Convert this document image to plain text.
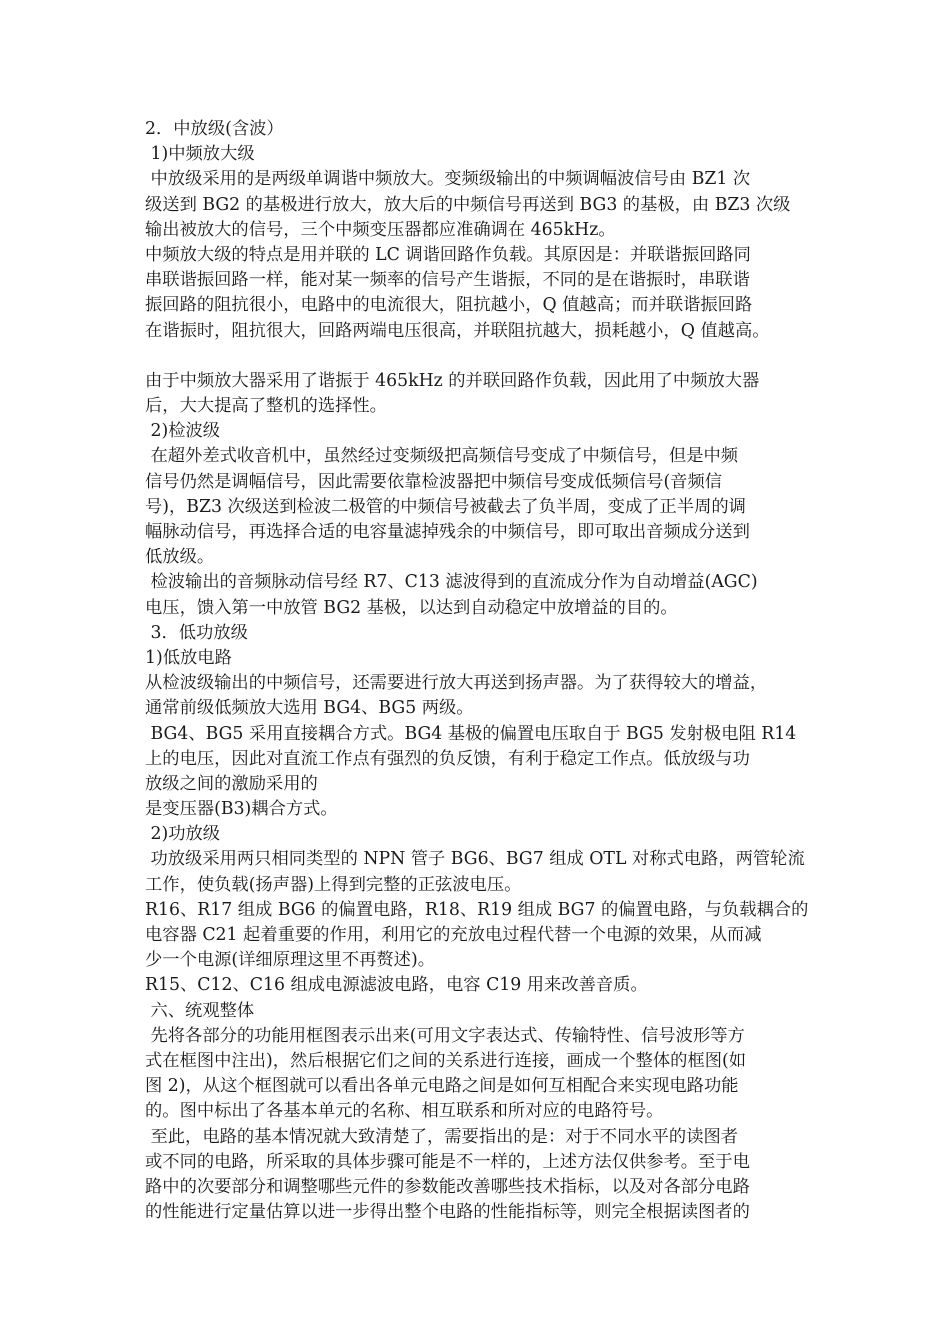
2．中放级(含波）
1)中频放大级
中放级采用的是两级单调谐中频放大。变频级输出的中频调幅波信号由 BZ1 次
级送到 BG2 的基极进行放大，放大后的中频信号再送到 BG3 的基极，由 BZ3 次级
输出被放大的信号，三个中频变压器都应准确调在 465kHz。
中频放大级的特点是用并联的 LC 调谐回路作负载。其原因是：并联谐振回路同
串联谐振回路一样，能对某一频率的信号产生谐振，不同的是在谐振时，串联谐
振回路的阻抗很小，电路中的电流很大，阻抗越小，Q 值越高；而并联谐振回路
在谐振时，阻抗很大，回路两端电压很高，并联阻抗越大，损耗越小，Q 值越高。
由于中频放大器采用了谐振于 465kHz 的并联回路作负载，因此用了中频放大器
后，大大提高了整机的选择性。
2)检波级
在超外差式收音机中，虽然经过变频级把高频信号变成了中频信号，但是中频
信号仍然是调幅信号，因此需要依靠检波器把中频信号变成低频信号(音频信
号)，BZ3 次级送到检波二极管的中频信号被截去了负半周，变成了正半周的调
幅脉动信号，再选择合适的电容量滤掉残余的中频信号，即可取出音频成分送到
低放级。
检波输出的音频脉动信号经 R7、C13 滤波得到的直流成分作为自动增益(AGC)
电压，馈入第一中放管 BG2 基极，以达到自动稳定中放增益的目的。
3．低功放级
1)低放电路
从检波级输出的中频信号，还需要进行放大再送到扬声器。为了获得较大的增益，
通常前级低频放大选用 BG4、BG5 两级。
BG4、BG5 采用直接耦合方式。BG4 基极的偏置电压取自于 BG5 发射极电阻 R14
上的电压，因此对直流工作点有强烈的负反馈，有利于稳定工作点。低放级与功
放级之间的激励采用的
是变压器(B3)耦合方式。
2)功放级
功放级采用两只相同类型的 NPN 管子 BG6、BG7 组成 OTL 对称式电路，两管轮流
工作，使负载(扬声器)上得到完整的正弦波电压。
R16、R17 组成 BG6 的偏置电路，R18、R19 组成 BG7 的偏置电路，与负载耦合的
电容器 C21 起着重要的作用，利用它的充放电过程代替一个电源的效果，从而减
少一个电源(详细原理这里不再赘述)。
R15、C12、C16 组成电源滤波电路，电容 C19 用来改善音质。
六、统观整体
先将各部分的功能用框图表示出来(可用文字表达式、传输特性、信号波形等方
式在框图中注出)，然后根据它们之间的关系进行连接，画成一个整体的框图(如
图 2)，从这个框图就可以看出各单元电路之间是如何互相配合来实现电路功能
的。图中标出了各基本单元的名称、相互联系和所对应的电路符号。
至此，电路的基本情况就大致清楚了，需要指出的是：对于不同水平的读图者
或不同的电路，所采取的具体步骤可能是不一样的，上述方法仅供参考。至于电
路中的次要部分和调整哪些元件的参数能改善哪些技术指标，以及对各部分电路
的性能进行定量估算以进一步得出整个电路的性能指标等，则完全根据读图者的
